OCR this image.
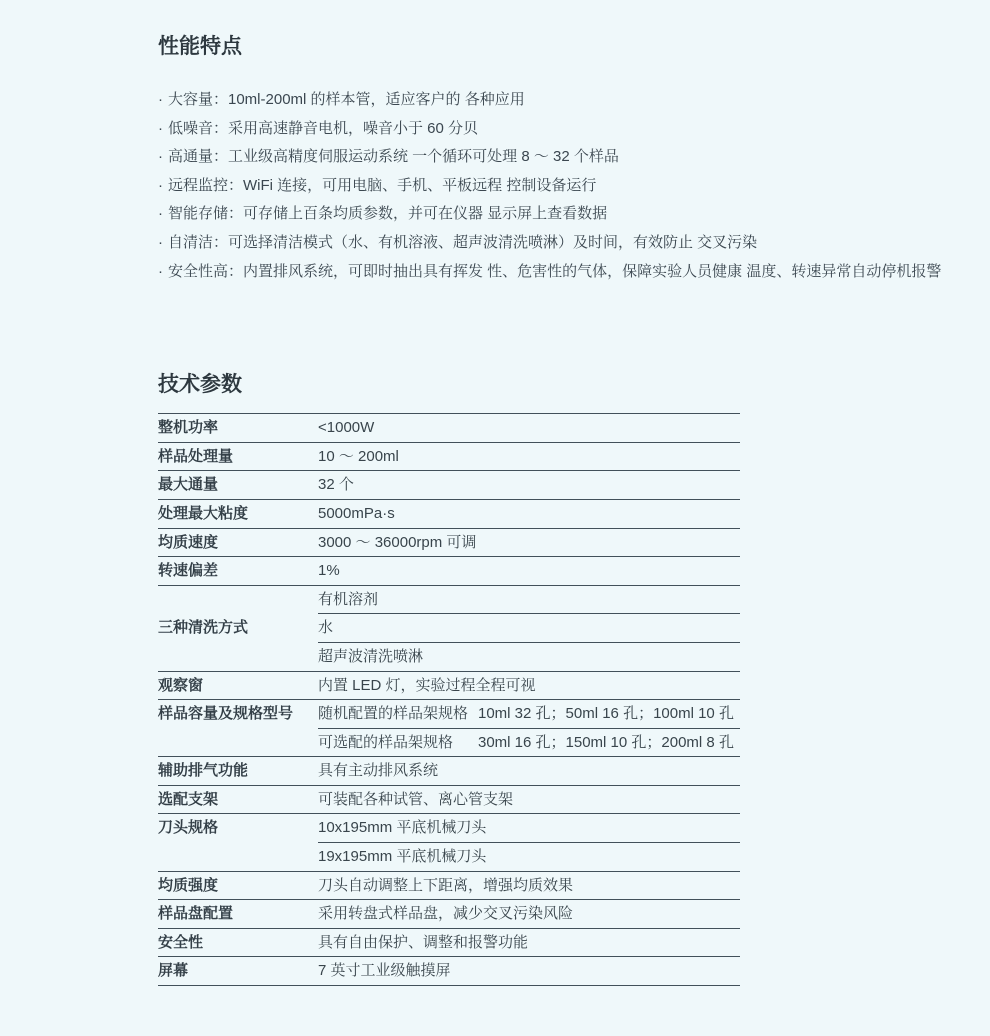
性能特点
· 大容量：10ml-200ml 的样本管，适应客户的 各种应用
· 低噪音：采用高速静音电机，噪音小于 60 分贝
· 高通量：工业级高精度伺服运动系统 一个循环可处理 8 ～ 32 个样品
· 远程监控：WiFi 连接，可用电脑、手机、平板远程 控制设备运行
· 智能存储：可存储上百条均质参数，并可在仪器 显示屏上查看数据
· 自清洁：可选择清洁模式（水、有机溶液、超声波清洗喷淋）及时间，有效防止 交叉污染
· 安全性高：内置排风系统，可即时抽出具有挥发 性、危害性的气体，保障实验人员健康 温度、转速异常自动停机报警
技术参数
整机功率	<1000W
样品处理量	10 ～ 200ml
最大通量	32 个
处理最大粘度	5000mPa·s
均质速度	3000 ～ 36000rpm 可调
转速偏差	1%
三种清洗方式	有机溶剂
	水
	超声波清洗喷淋
观察窗	内置 LED 灯，实验过程全程可视
样品容量及规格型号	随机配置的样品架规格 10ml 32 孔；50ml 16 孔；100ml 10 孔
	可选配的样品架规格 30ml 16 孔；150ml 10 孔；200ml 8 孔
辅助排气功能	具有主动排风系统
选配支架	可装配各种试管、离心管支架
刀头规格	10x195mm 平底机械刀头
	19x195mm 平底机械刀头
均质强度	刀头自动调整上下距离，增强均质效果
样品盘配置	采用转盘式样品盘，减少交叉污染风险
安全性	具有自由保护、调整和报警功能
屏幕	7 英寸工业级触摸屏
